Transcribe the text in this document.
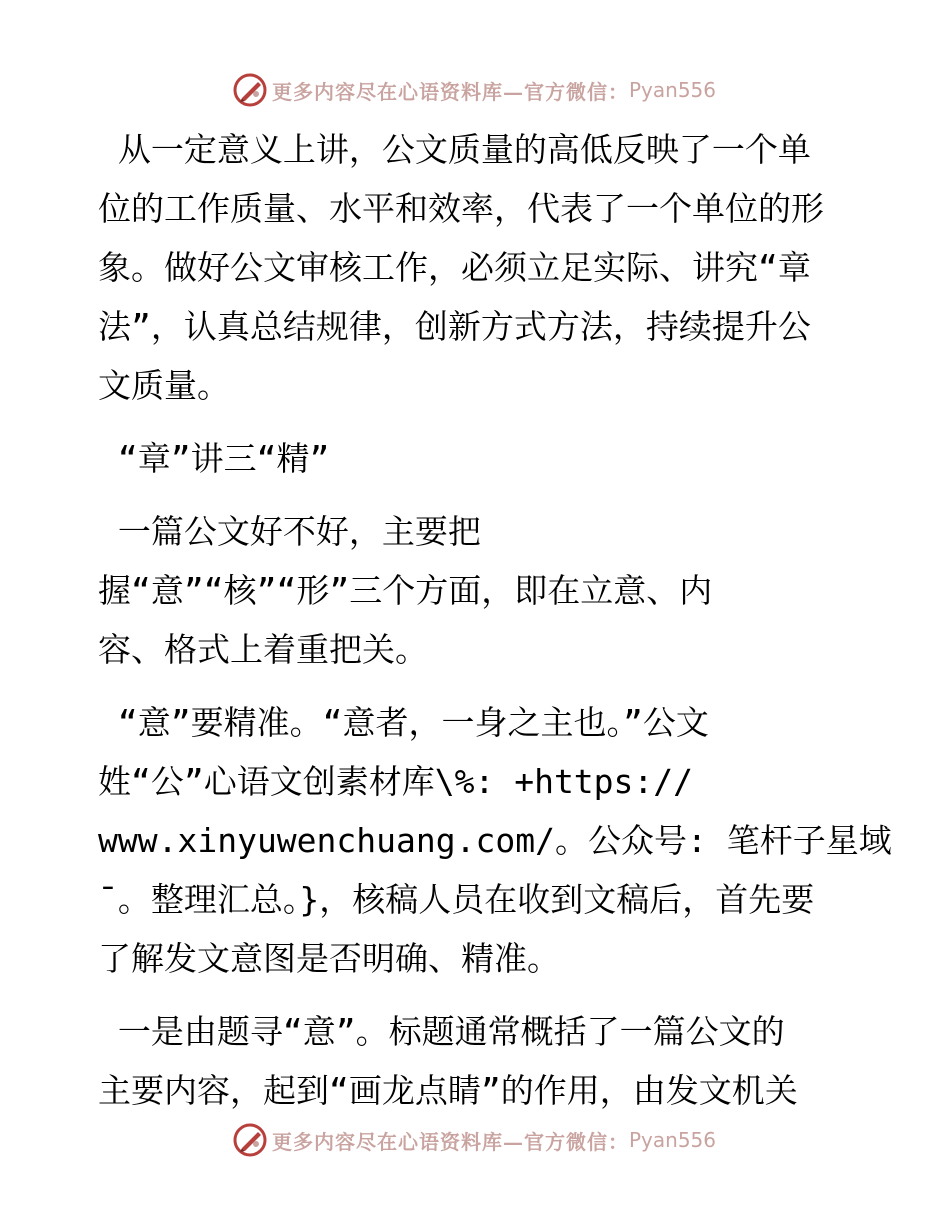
更多内容尽在心语资料库—官方微信： Pyan556
从一定意义上讲，公文质量的高低反映了一个单
位的工作质量、水平和效率，代表了一个单位的形
象。做好公文审核工作，必须立足实际、讲究“章
法”，认真总结规律，创新方式方法，持续提升公
文质量。
“章”讲三“精”
一篇公文好不好，主要把
握“意”“核”“形”三个方面，即在立意、内
容、格式上着重把关。
“意”要精准。“意者，一身之主也。”公文
姓“公”心语文创素材库\%: +https://
www.xinyuwenchuang.com/。公众号: 笔杆子星域
¯。整理汇总。}，核稿人员在收到文稿后，首先要
了解发文意图是否明确、精准。
一是由题寻“意”。标题通常概括了一篇公文的
主要内容，起到“画龙点睛”的作用，由发文机关
更多内容尽在心语资料库—官方微信： Pyan556
